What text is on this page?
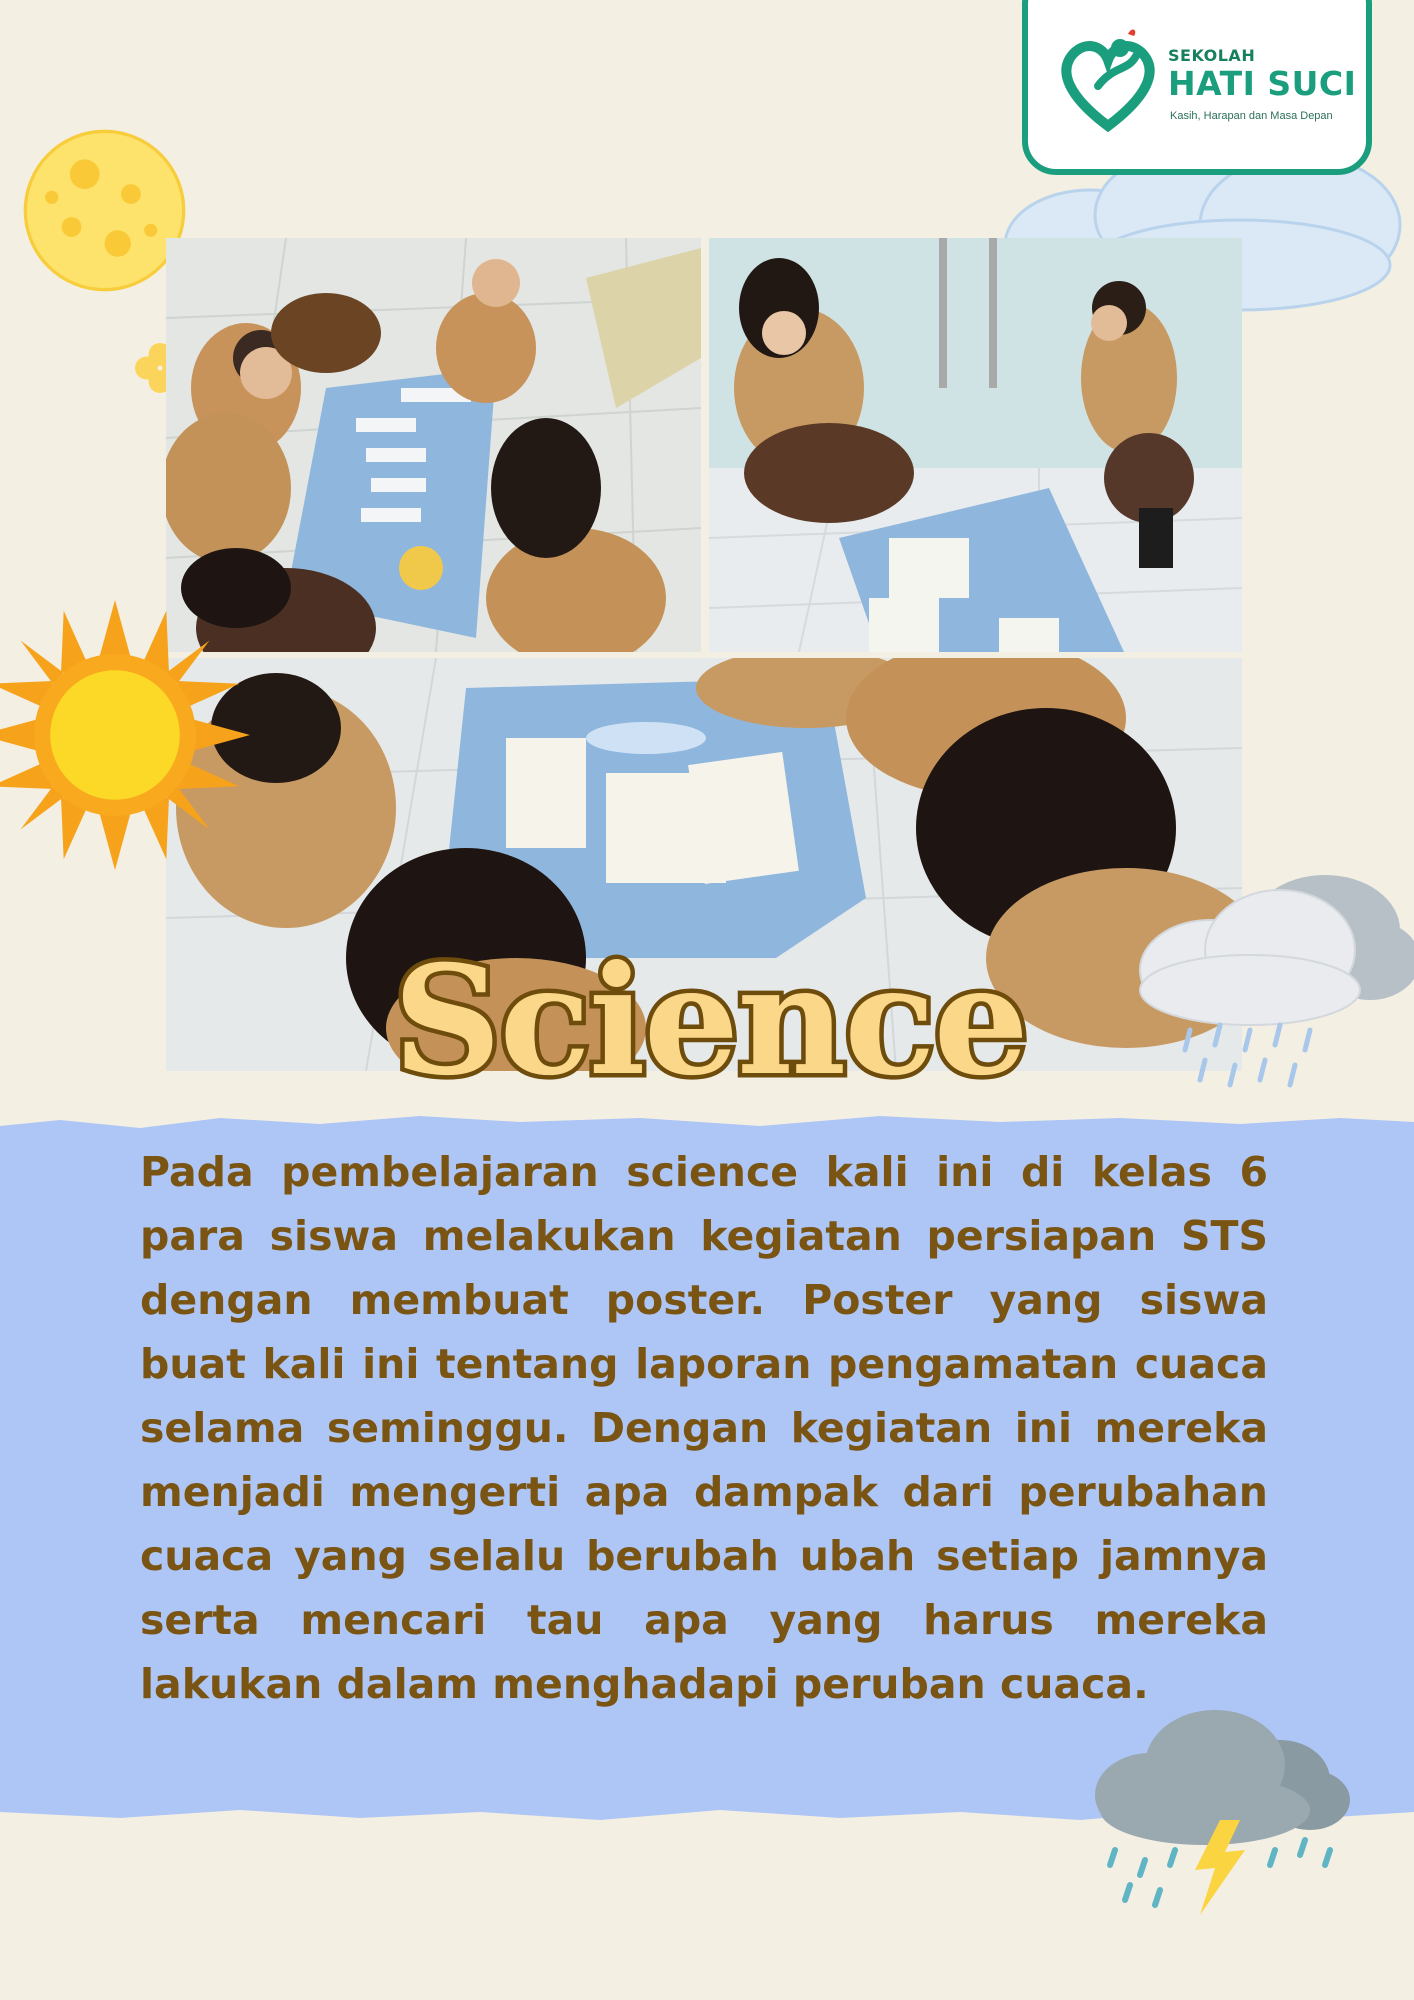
Science

Pada pembelajaran science kali ini di kelas 6 para siswa melakukan kegiatan persiapan STS dengan membuat poster. Poster yang siswa buat kali ini tentang laporan pengamatan cuaca selama seminggu. Dengan kegiatan ini mereka menjadi mengerti apa dampak dari perubahan cuaca yang selalu berubah ubah setiap jamnya serta mencari tau apa yang harus mereka lakukan dalam menghadapi peruban cuaca.

SEKOLAH
HATI SUCI
Kasih, Harapan dan Masa Depan
